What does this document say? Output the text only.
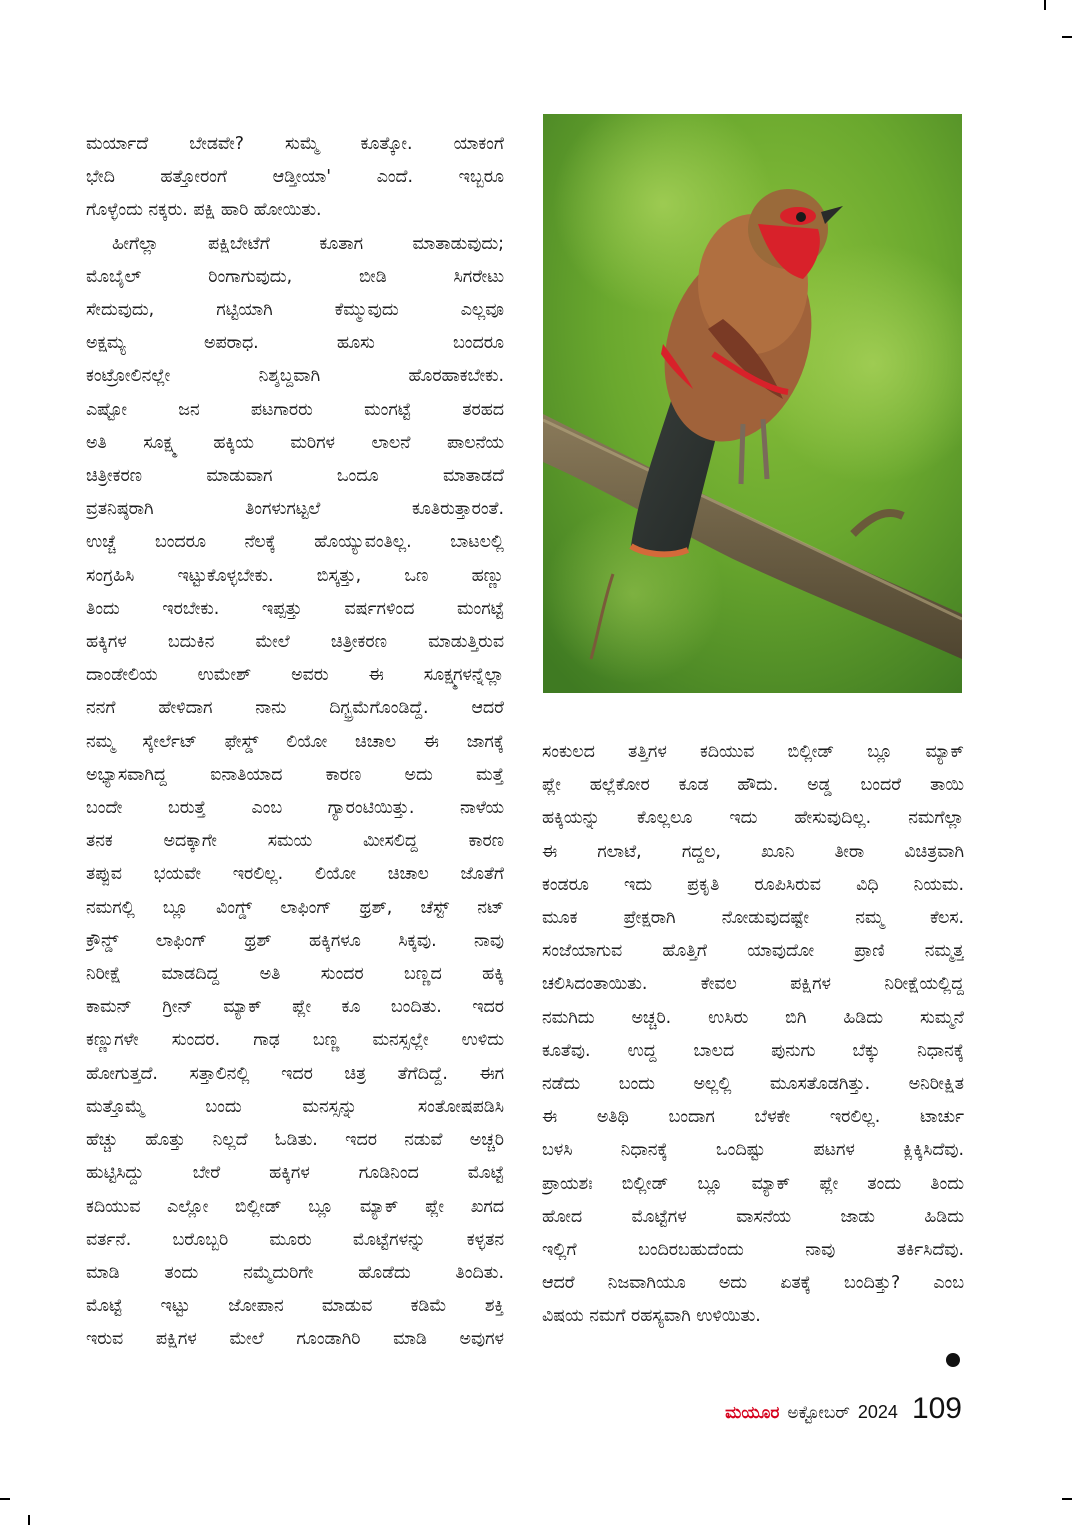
ಮರ್ಯಾದೆ ಬೇಡವೇ? ಸುಮ್ಮೆ ಕೂತ್ಕೋ. ಯಾಕಂಗೆ
ಭೇದಿ ಹತ್ತೋರಂಗೆ ಆಡ್ತೀಯಾ' ಎಂದೆ. ಇಬ್ಬರೂ
ಗೊಳ್ಳೆಂದು ನಕ್ಕರು. ಪಕ್ಷಿ ಹಾರಿ ಹೋಯಿತು.
ಹೀಗೆಲ್ಲಾ ಪಕ್ಷಿಬೇಟೆಗೆ ಕೂತಾಗ ಮಾತಾಡುವುದು;
ಮೊಬೈಲ್ ರಿಂಗಾಗುವುದು, ಬೀಡಿ ಸಿಗರೇಟು
ಸೇದುವುದು, ಗಟ್ಟಿಯಾಗಿ ಕೆಮ್ಮುವುದು ಎಲ್ಲವೂ
ಅಕ್ಷಮ್ಯ ಅಪರಾಧ. ಹೂಸು ಬಂದರೂ
ಕಂಟ್ರೋಲಿನಲ್ಲೇ ನಿಶ್ಶಬ್ದವಾಗಿ ಹೊರಹಾಕಬೇಕು.
ಎಷ್ಟೋ ಜನ ಪಟಗಾರರು ಮಂಗಟ್ಟೆ ತರಹದ
ಅತಿ ಸೂಕ್ಷ್ಮ ಹಕ್ಕಿಯ ಮರಿಗಳ ಲಾಲನೆ ಪಾಲನೆಯ
ಚಿತ್ರೀಕರಣ ಮಾಡುವಾಗ ಒಂದೂ ಮಾತಾಡದೆ
ವ್ರತನಿಷ್ಠರಾಗಿ ತಿಂಗಳುಗಟ್ಟಲೆ ಕೂತಿರುತ್ತಾರಂತೆ.
ಉಚ್ಚೆ ಬಂದರೂ ನೆಲಕ್ಕೆ ಹೊಯ್ಯುವಂತಿಲ್ಲ. ಬಾಟಲಲ್ಲಿ
ಸಂಗ್ರಹಿಸಿ ಇಟ್ಟುಕೊಳ್ಳಬೇಕು. ಬಿಸ್ಕತ್ತು, ಒಣ ಹಣ್ಣು
ತಿಂದು ಇರಬೇಕು. ಇಪ್ಪತ್ತು ವರ್ಷಗಳಿಂದ ಮಂಗಟ್ಟೆ
ಹಕ್ಕಿಗಳ ಬದುಕಿನ ಮೇಲೆ ಚಿತ್ರೀಕರಣ ಮಾಡುತ್ತಿರುವ
ದಾಂಡೇಲಿಯ ಉಮೇಶ್ ಅವರು ಈ ಸೂಕ್ಷ್ಮಗಳನ್ನೆಲ್ಲಾ
ನನಗೆ ಹೇಳಿದಾಗ ನಾನು ದಿಗ್ಭ್ರಮೆಗೊಂಡಿದ್ದೆ. ಆದರೆ
ನಮ್ಮ ಸ್ಕೇರ್ಲೆಟ್ ಫೇಸ್ಡ್ ಲಿಯೋ ಚಿಚಾಲ ಈ ಜಾಗಕ್ಕೆ
ಅಭ್ಯಾಸವಾಗಿದ್ದ ಐನಾತಿಯಾದ ಕಾರಣ ಅದು ಮತ್ತೆ
ಬಂದೇ ಬರುತ್ತೆ ಎಂಬ ಗ್ಯಾರಂಟಿಯಿತ್ತು. ನಾಳೆಯ
ತನಕ ಅದಕ್ಕಾಗೇ ಸಮಯ ಮೀಸಲಿದ್ದ ಕಾರಣ
ತಪ್ಪುವ ಭಯವೇ ಇರಲಿಲ್ಲ. ಲಿಯೋ ಚಿಚಾಲ ಜೊತೆಗೆ
ನಮಗಲ್ಲಿ ಬ್ಲೂ ವಿಂಗ್ಡ್ ಲಾಫಿಂಗ್ ಥ್ರಶ್, ಚೆಸ್ಟ್ ನಟ್
ಕ್ರೌನ್ಡ್ ಲಾಫಿಂಗ್ ಥ್ರಶ್ ಹಕ್ಕಿಗಳೂ ಸಿಕ್ಕವು. ನಾವು
ನಿರೀಕ್ಷೆ ಮಾಡದಿದ್ದ ಅತಿ ಸುಂದರ ಬಣ್ಣದ ಹಕ್ಕಿ
ಕಾಮನ್ ಗ್ರೀನ್ ಮ್ಯಾಕ್ ಪ್ಲೇ ಕೂ ಬಂದಿತು. ಇದರ
ಕಣ್ಣುಗಳೇ ಸುಂದರ. ಗಾಢ ಬಣ್ಣ ಮನಸ್ಸಲ್ಲೇ ಉಳಿದು
ಹೋಗುತ್ತದೆ. ಸತ್ತಾಲಿನಲ್ಲಿ ಇದರ ಚಿತ್ರ ತೆಗೆದಿದ್ದೆ. ಈಗ
ಮತ್ತೊಮ್ಮೆ ಬಂದು ಮನಸ್ಸನ್ನು ಸಂತೋಷಪಡಿಸಿ
ಹೆಚ್ಚು ಹೊತ್ತು ನಿಲ್ಲದೆ ಓಡಿತು. ಇದರ ನಡುವೆ ಅಚ್ಚರಿ
ಹುಟ್ಟಿಸಿದ್ದು ಬೇರೆ ಹಕ್ಕಿಗಳ ಗೂಡಿನಿಂದ ಮೊಟ್ಟೆ
ಕದಿಯುವ ಎಲ್ಲೋ ಬಿಲ್ಲೀಡ್ ಬ್ಲೂ ಮ್ಯಾಕ್ ಪ್ಲೇ ಖಗದ
ವರ್ತನೆ. ಬರೊಬ್ಬರಿ ಮೂರು ಮೊಟ್ಟೆಗಳನ್ನು ಕಳ್ಳತನ
ಮಾಡಿ ತಂದು ನಮ್ಮೆದುರಿಗೇ ಹೊಡೆದು ತಿಂದಿತು.
ಮೊಟ್ಟೆ ಇಟ್ಟು ಜೋಪಾನ ಮಾಡುವ ಕಡಿಮೆ ಶಕ್ತಿ
ಇರುವ ಪಕ್ಷಿಗಳ ಮೇಲೆ ಗೂಂಡಾಗಿರಿ ಮಾಡಿ ಅವುಗಳ
ಸಂಕುಲದ ತತ್ತಿಗಳ ಕದಿಯುವ ಬಿಲ್ಲೀಡ್ ಬ್ಲೂ ಮ್ಯಾಕ್
ಪ್ಲೇ ಹಲ್ಲೆಕೋರ ಕೂಡ ಹೌದು. ಅಡ್ಡ ಬಂದರೆ ತಾಯಿ
ಹಕ್ಕಿಯನ್ನು ಕೊಲ್ಲಲೂ ಇದು ಹೇಸುವುದಿಲ್ಲ. ನಮಗೆಲ್ಲಾ
ಈ ಗಲಾಟೆ, ಗದ್ದಲ, ಖೂನಿ ತೀರಾ ವಿಚಿತ್ರವಾಗಿ
ಕಂಡರೂ ಇದು ಪ್ರಕೃತಿ ರೂಪಿಸಿರುವ ವಿಧಿ ನಿಯಮ.
ಮೂಕ ಪ್ರೇಕ್ಷರಾಗಿ ನೋಡುವುದಷ್ಟೇ ನಮ್ಮ ಕೆಲಸ.
ಸಂಜೆಯಾಗುವ ಹೊತ್ತಿಗೆ ಯಾವುದೋ ಪ್ರಾಣಿ ನಮ್ಮತ್ತ
ಚಲಿಸಿದಂತಾಯಿತು. ಕೇವಲ ಪಕ್ಷಿಗಳ ನಿರೀಕ್ಷೆಯಲ್ಲಿದ್ದ
ನಮಗಿದು ಅಚ್ಚರಿ. ಉಸಿರು ಬಿಗಿ ಹಿಡಿದು ಸುಮ್ಮನೆ
ಕೂತೆವು. ಉದ್ದ ಬಾಲದ ಪುನುಗು ಬೆಕ್ಕು ನಿಧಾನಕ್ಕೆ
ನಡೆದು ಬಂದು ಅಲ್ಲಲ್ಲಿ ಮೂಸತೊಡಗಿತ್ತು. ಅನಿರೀಕ್ಷಿತ
ಈ ಅತಿಥಿ ಬಂದಾಗ ಬೆಳಕೇ ಇರಲಿಲ್ಲ. ಟಾರ್ಚು
ಬಳಸಿ ನಿಧಾನಕ್ಕೆ ಒಂದಿಷ್ಟು ಪಟಗಳ ಕ್ಲಿಕ್ಕಿಸಿದೆವು.
ಪ್ರಾಯಶಃ ಬಿಲ್ಲೀಡ್ ಬ್ಲೂ ಮ್ಯಾಕ್ ಪ್ಲೇ ತಂದು ತಿಂದು
ಹೋದ ಮೊಟ್ಟೆಗಳ ವಾಸನೆಯ ಜಾಡು ಹಿಡಿದು
ಇಲ್ಲಿಗೆ ಬಂದಿರಬಹುದೆಂದು ನಾವು ತರ್ಕಿಸಿದೆವು.
ಆದರೆ ನಿಜವಾಗಿಯೂ ಅದು ಏತಕ್ಕೆ ಬಂದಿತ್ತು? ಎಂಬ
ವಿಷಯ ನಮಗೆ ರಹಸ್ಯವಾಗಿ ಉಳಿಯಿತು.
ಮಯೂರ ಅಕ್ಟೋಬರ್ 2024 109
